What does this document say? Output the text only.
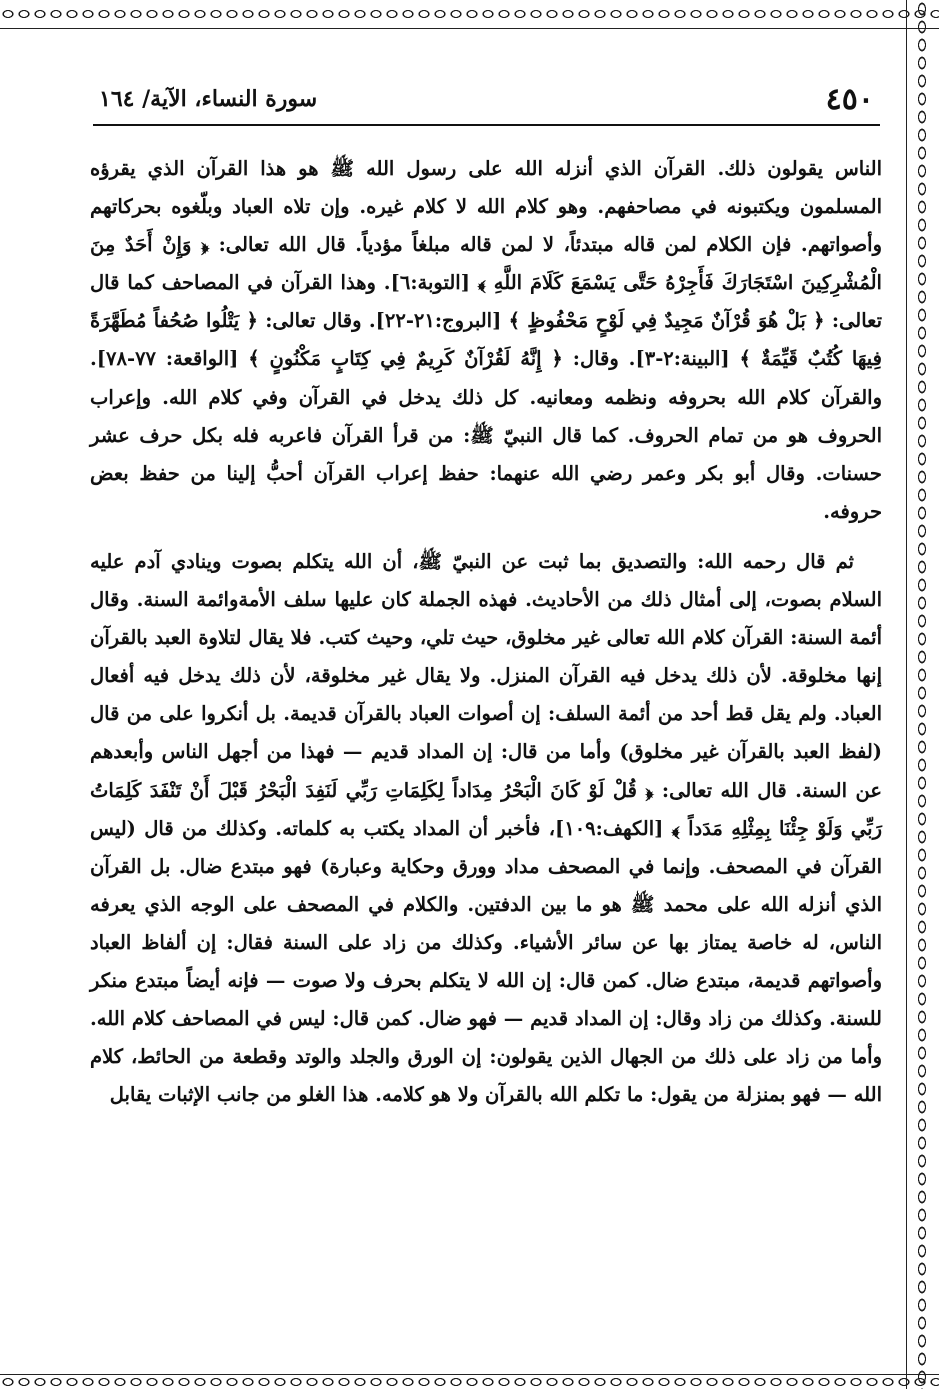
٤٥٠
سورة النساء، الآية/ ١٦٤

الناس يقولون ذلك. القرآن الذي أنزله الله على رسول الله ﷺ هو هذا القرآن الذي يقرؤه المسلمون ويكتبونه في مصاحفهم. وهو كلام الله لا كلام غيره. وإن تلاه العباد وبلّغوه بحركاتهم وأصواتهم. فإن الكلام لمن قاله مبتدئاً، لا لمن قاله مبلغاً مؤدياً. قال الله تعالى: ﴿ وَإِنْ أَحَدٌ مِنَ الْمُشْرِكِينَ اسْتَجَارَكَ فَأَجِرْهُ حَتَّى يَسْمَعَ كَلَامَ اللَّهِ ﴾ [التوبة:٦]. وهذا القرآن في المصاحف كما قال تعالى: ﴿ بَلْ هُوَ قُرْآنٌ مَجِيدٌ فِي لَوْحٍ مَحْفُوظٍ ﴾ [البروج:٢١-٢٢]. وقال تعالى: ﴿ يَتْلُوا صُحُفاً مُطَهَّرَةً فِيهَا كُتُبٌ قَيِّمَةٌ ﴾ [البينة:٢-٣]. وقال: ﴿ إِنَّهُ لَقُرْآنٌ كَرِيمٌ فِي كِتَابٍ مَكْنُونٍ ﴾ [الواقعة: ٧٧-٧٨]. والقرآن كلام الله بحروفه ونظمه ومعانيه. كل ذلك يدخل في القرآن وفي كلام الله. وإعراب الحروف هو من تمام الحروف. كما قال النبيّ ﷺ: من قرأ القرآن فاعربه فله بكل حرف عشر حسنات. وقال أبو بكر وعمر رضي الله عنهما: حفظ إعراب القرآن أحبُّ إلينا من حفظ بعض حروفه.

ثم قال رحمه الله: والتصديق بما ثبت عن النبيّ ﷺ، أن الله يتكلم بصوت وينادي آدم عليه السلام بصوت، إلى أمثال ذلك من الأحاديث. فهذه الجملة كان عليها سلف الأمةوائمة السنة. وقال أئمة السنة: القرآن كلام الله تعالى غير مخلوق، حيث تلي، وحيث كتب. فلا يقال لتلاوة العبد بالقرآن إنها مخلوقة. لأن ذلك يدخل فيه القرآن المنزل. ولا يقال غير مخلوقة، لأن ذلك يدخل فيه أفعال العباد. ولم يقل قط أحد من أئمة السلف: إن أصوات العباد بالقرآن قديمة. بل أنكروا على من قال (لفظ العبد بالقرآن غير مخلوق) وأما من قال: إن المداد قديم — فهذا من أجهل الناس وأبعدهم عن السنة. قال الله تعالى: ﴿ قُلْ لَوْ كَانَ الْبَحْرُ مِدَاداً لِكَلِمَاتِ رَبِّي لَنَفِدَ الْبَحْرُ قَبْلَ أَنْ تَنْفَدَ كَلِمَاتُ رَبِّي وَلَوْ جِئْنَا بِمِثْلِهِ مَدَداً ﴾ [الكهف:١٠٩]، فأخبر أن المداد يكتب به كلماته. وكذلك من قال (ليس القرآن في المصحف. وإنما في المصحف مداد وورق وحكاية وعبارة) فهو مبتدع ضال. بل القرآن الذي أنزله الله على محمد ﷺ هو ما بين الدفتين. والكلام في المصحف على الوجه الذي يعرفه الناس، له خاصة يمتاز بها عن سائر الأشياء. وكذلك من زاد على السنة فقال: إن ألفاظ العباد وأصواتهم قديمة، مبتدع ضال. كمن قال: إن الله لا يتكلم بحرف ولا صوت — فإنه أيضاً مبتدع منكر للسنة. وكذلك من زاد وقال: إن المداد قديم — فهو ضال. كمن قال: ليس في المصاحف كلام الله. وأما من زاد على ذلك من الجهال الذين يقولون: إن الورق والجلد والوتد وقطعة من الحائط، كلام الله — فهو بمنزلة من يقول: ما تكلم الله بالقرآن ولا هو كلامه. هذا الغلو من جانب الإثبات يقابل
